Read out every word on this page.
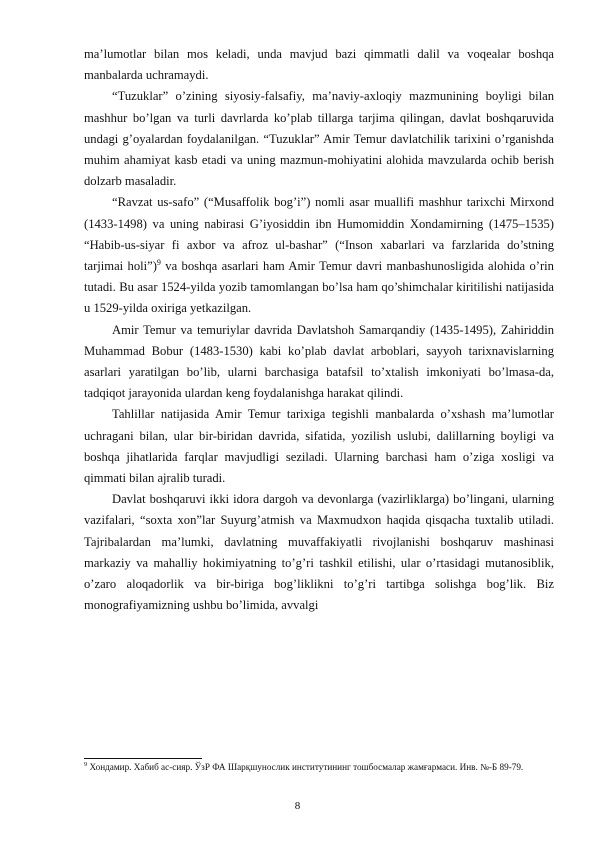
ma’lumotlar bilan mos keladi, unda mavjud bazi qimmatli dalil va voqealar boshqa manbalarda uchramaydi.

“Tuzuklar” o’zining siyosiy-falsafiy, ma’naviy-axloqiy mazmunining boyligi bilan mashhur bo’lgan va turli davrlarda ko’plab tillarga tarjima qilingan, davlat boshqaruvida undagi g’oyalardan foydalanilgan. “Tuzuklar” Amir Temur davlatchilik tarixini o’rganishda muhim ahamiyat kasb etadi va uning mazmun-mohiyatini alohida mavzularda ochib berish dolzarb masaladir.

“Ravzat us-safo” (“Musaffolik bog’i”) nomli asar muallifi mashhur tarixchi Mirxond (1433-1498) va uning nabirasi G’iyosiddin ibn Humomiddin Xondamirning (1475–1535) “Habib-us-siyar fi axbor va afroz ul-bashar” (“Inson xabarlari va farzlarida do’stning tarjimai holi”)$^9$ va boshqa asarlari ham Amir Temur davri manbashunosligida alohida o’rin tutadi. Bu asar 1524-yilda yozib tamomlangan bo’lsa ham qo’shimchalar kiritilishi natijasida u 1529-yilda oxiriga yetkazilgan.

Amir Temur va temuriylar davrida Davlatshoh Samarqandiy (1435-1495), Zahiriddin Muhammad Bobur (1483-1530) kabi ko’plab davlat arboblari, sayyoh tarixnavislarning asarlari yaratilgan bo’lib, ularni barchasiga batafsil to’xtalish imkoniyati bo’lmasa-da, tadqiqot jarayonida ulardan keng foydalanishga harakat qilindi.

Tahlillar natijasida Amir Temur tarixiga tegishli manbalarda o’xshash ma’lumotlar uchragani bilan, ular bir-biridan davrida, sifatida, yozilish uslubi, dalillarning boyligi va boshqa jihatlarida farqlar mavjudligi seziladi. Ularning barchasi ham o’ziga xosligi va qimmati bilan ajralib turadi.

Davlat boshqaruvi ikki idora dargoh va devonlarga (vazirliklarga) bo’lingani, ularning vazifalari, “soxta xon”lar Suyurg’atmish va Maxmudxon haqida qisqacha tuxtalib utiladi. Tajribalardan ma’lumki, davlatning muvaffakiyatli rivojlanishi boshqaruv mashinasi markaziy va mahalliy hokimiyatning to’g’ri tashkil etilishi, ular o’rtasidagi mutanosiblik, o’zaro aloqadorlik va bir-biriga bog’liklikni to’g’ri tartibga solishga bog’lik. Biz monografiyamizning ushbu bo’limida, avvalgi

$^9$ Хондамир. Хабиб ас-сияр. ЎзР ФА Шарқшунослик институтининг тошбосмалар жамғармаси. Инв. №-Б 89-79.
8
